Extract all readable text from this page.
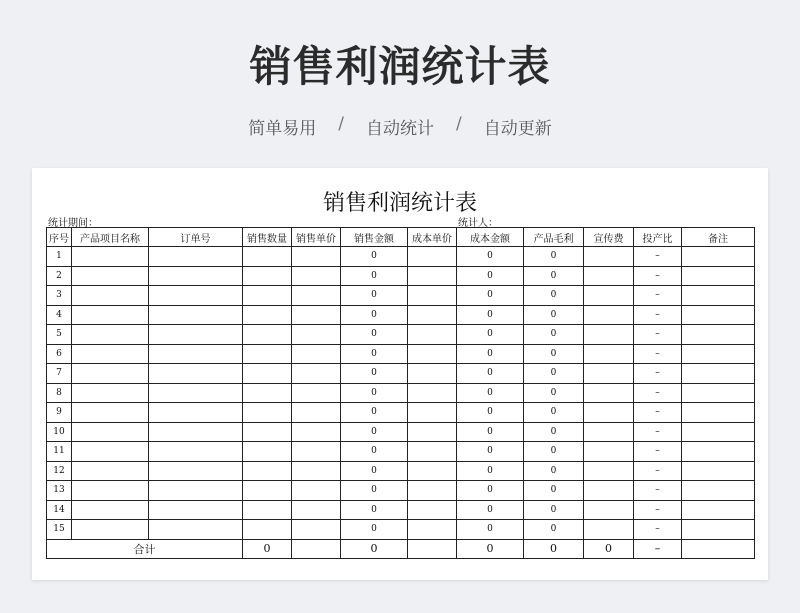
销售利润统计表
简单易用 / 自动统计 / 自动更新
销售利润统计表
统计期间：	统计人：
序号	产品项目名称	订单号	销售数量	销售单价	销售金额	成本单价	成本金额	产品毛利	宣传费	投产比	备注
1					0		0	0		–	
2					0		0	0		–	
3					0		0	0		–	
4					0		0	0		–	
5					0		0	0		–	
6					0		0	0		–	
7					0		0	0		–	
8					0		0	0		–	
9					0		0	0		–	
10					0		0	0		–	
11					0		0	0		–	
12					0		0	0		–	
13					0		0	0		–	
14					0		0	0		–	
15					0		0	0		–	
合计			0		0		0	0	0	–	
